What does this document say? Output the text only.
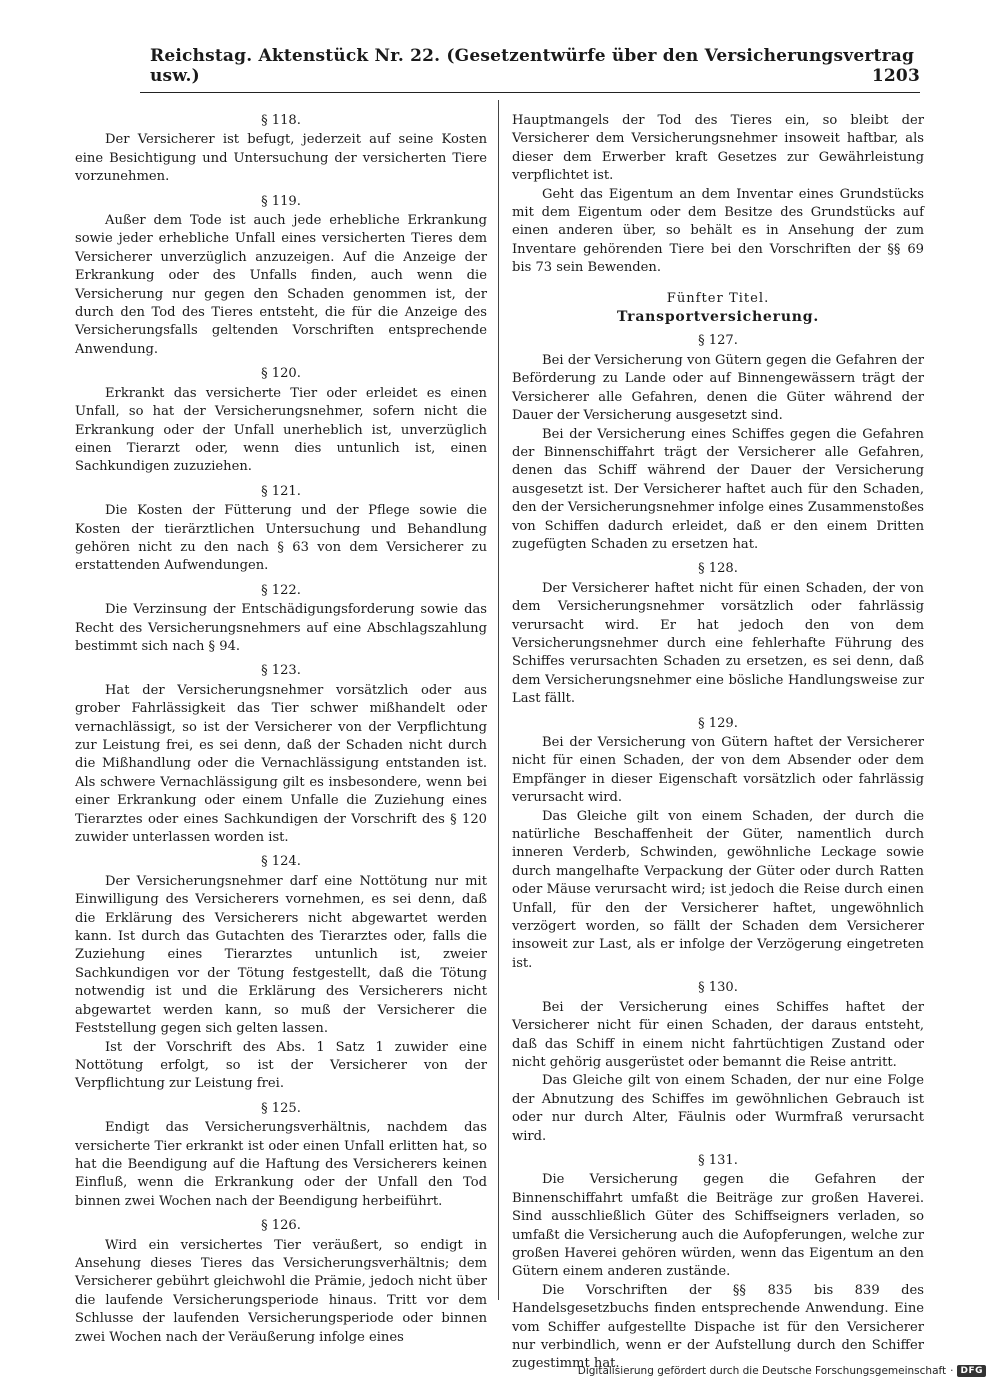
Reichstag. Aktenstück Nr. 22. (Gesetzentwürfe über den Versicherungsvertrag usw.)	1203
§ 118.

Der Versicherer ist befugt, jederzeit auf seine Kosten eine Besichtigung und Untersuchung der versicherten Tiere vorzunehmen.

§ 119.

Außer dem Tode ist auch jede erhebliche Erkrankung sowie jeder erhebliche Unfall eines versicherten Tieres dem Versicherer unverzüglich anzuzeigen. Auf die Anzeige der Erkrankung oder des Unfalls finden, auch wenn die Versicherung nur gegen den Schaden genommen ist, der durch den Tod des Tieres entsteht, die für die Anzeige des Versicherungsfalls geltenden Vorschriften entsprechende Anwendung.

§ 120.

Erkrankt das versicherte Tier oder erleidet es einen Unfall, so hat der Versicherungsnehmer, sofern nicht die Erkrankung oder der Unfall unerheblich ist, unverzüglich einen Tierarzt oder, wenn dies untunlich ist, einen Sachkundigen zuzuziehen.

§ 121.

Die Kosten der Fütterung und der Pflege sowie die Kosten der tierärztlichen Untersuchung und Behandlung gehören nicht zu den nach § 63 von dem Versicherer zu erstattenden Aufwendungen.

§ 122.

Die Verzinsung der Entschädigungsforderung sowie das Recht des Versicherungsnehmers auf eine Abschlagszahlung bestimmt sich nach § 94.

§ 123.

Hat der Versicherungsnehmer vorsätzlich oder aus grober Fahrlässigkeit das Tier schwer mißhandelt oder vernachlässigt, so ist der Versicherer von der Verpflichtung zur Leistung frei, es sei denn, daß der Schaden nicht durch die Mißhandlung oder die Vernachlässigung entstanden ist. Als schwere Vernachlässigung gilt es insbesondere, wenn bei einer Erkrankung oder einem Unfalle die Zuziehung eines Tierarztes oder eines Sachkundigen der Vorschrift des § 120 zuwider unterlassen worden ist.

§ 124.

Der Versicherungsnehmer darf eine Nottötung nur mit Einwilligung des Versicherers vornehmen, es sei denn, daß die Erklärung des Versicherers nicht abgewartet werden kann. Ist durch das Gutachten des Tierarztes oder, falls die Zuziehung eines Tierarztes untunlich ist, zweier Sachkundigen vor der Tötung festgestellt, daß die Tötung notwendig ist und die Erklärung des Versicherers nicht abgewartet werden kann, so muß der Versicherer die Feststellung gegen sich gelten lassen.

Ist der Vorschrift des Abs. 1 Satz 1 zuwider eine Nottötung erfolgt, so ist der Versicherer von der Verpflichtung zur Leistung frei.

§ 125.

Endigt das Versicherungsverhältnis, nachdem das versicherte Tier erkrankt ist oder einen Unfall erlitten hat, so hat die Beendigung auf die Haftung des Versicherers keinen Einfluß, wenn die Erkrankung oder der Unfall den Tod binnen zwei Wochen nach der Beendigung herbeiführt.

§ 126.

Wird ein versichertes Tier veräußert, so endigt in Ansehung dieses Tieres das Versicherungsverhältnis; dem Versicherer gebührt gleichwohl die Prämie, jedoch nicht über die laufende Versicherungsperiode hinaus. Tritt vor dem Schlusse der laufenden Versicherungsperiode oder binnen zwei Wochen nach der Veräußerung infolge eines

Hauptmangels der Tod des Tieres ein, so bleibt der Versicherer dem Versicherungsnehmer insoweit haftbar, als dieser dem Erwerber kraft Gesetzes zur Gewährleistung verpflichtet ist.

Geht das Eigentum an dem Inventar eines Grundstücks mit dem Eigentum oder dem Besitze des Grundstücks auf einen anderen über, so behält es in Ansehung der zum Inventare gehörenden Tiere bei den Vorschriften der §§ 69 bis 73 sein Bewenden.

Fünfter Titel.
Transportversicherung.
§ 127.

Bei der Versicherung von Gütern gegen die Gefahren der Beförderung zu Lande oder auf Binnengewässern trägt der Versicherer alle Gefahren, denen die Güter während der Dauer der Versicherung ausgesetzt sind.

Bei der Versicherung eines Schiffes gegen die Gefahren der Binnenschiffahrt trägt der Versicherer alle Gefahren, denen das Schiff während der Dauer der Versicherung ausgesetzt ist. Der Versicherer haftet auch für den Schaden, den der Versicherungsnehmer infolge eines Zusammenstoßes von Schiffen dadurch erleidet, daß er den einem Dritten zugefügten Schaden zu ersetzen hat.

§ 128.

Der Versicherer haftet nicht für einen Schaden, der von dem Versicherungsnehmer vorsätzlich oder fahrlässig verursacht wird. Er hat jedoch den von dem Versicherungsnehmer durch eine fehlerhafte Führung des Schiffes verursachten Schaden zu ersetzen, es sei denn, daß dem Versicherungsnehmer eine bösliche Handlungsweise zur Last fällt.

§ 129.

Bei der Versicherung von Gütern haftet der Versicherer nicht für einen Schaden, der von dem Absender oder dem Empfänger in dieser Eigenschaft vorsätzlich oder fahrlässig verursacht wird.

Das Gleiche gilt von einem Schaden, der durch die natürliche Beschaffenheit der Güter, namentlich durch inneren Verderb, Schwinden, gewöhnliche Leckage sowie durch mangelhafte Verpackung der Güter oder durch Ratten oder Mäuse verursacht wird; ist jedoch die Reise durch einen Unfall, für den der Versicherer haftet, ungewöhnlich verzögert worden, so fällt der Schaden dem Versicherer insoweit zur Last, als er infolge der Verzögerung eingetreten ist.

§ 130.

Bei der Versicherung eines Schiffes haftet der Versicherer nicht für einen Schaden, der daraus entsteht, daß das Schiff in einem nicht fahrtüchtigen Zustand oder nicht gehörig ausgerüstet oder bemannt die Reise antritt.

Das Gleiche gilt von einem Schaden, der nur eine Folge der Abnutzung des Schiffes im gewöhnlichen Gebrauch ist oder nur durch Alter, Fäulnis oder Wurmfraß verursacht wird.

§ 131.

Die Versicherung gegen die Gefahren der Binnenschiffahrt umfaßt die Beiträge zur großen Haverei. Sind ausschließlich Güter des Schiffseigners verladen, so umfaßt die Versicherung auch die Aufopferungen, welche zur großen Haverei gehören würden, wenn das Eigentum an den Gütern einem anderen zustände.

Die Vorschriften der §§ 835 bis 839 des Handelsgesetzbuchs finden entsprechende Anwendung. Eine vom Schiffer aufgestellte Dispache ist für den Versicherer nur verbindlich, wenn er der Aufstellung durch den Schiffer zugestimmt hat.

Digitalisierung gefördert durch die Deutsche Forschungsgemeinschaft · DFG
